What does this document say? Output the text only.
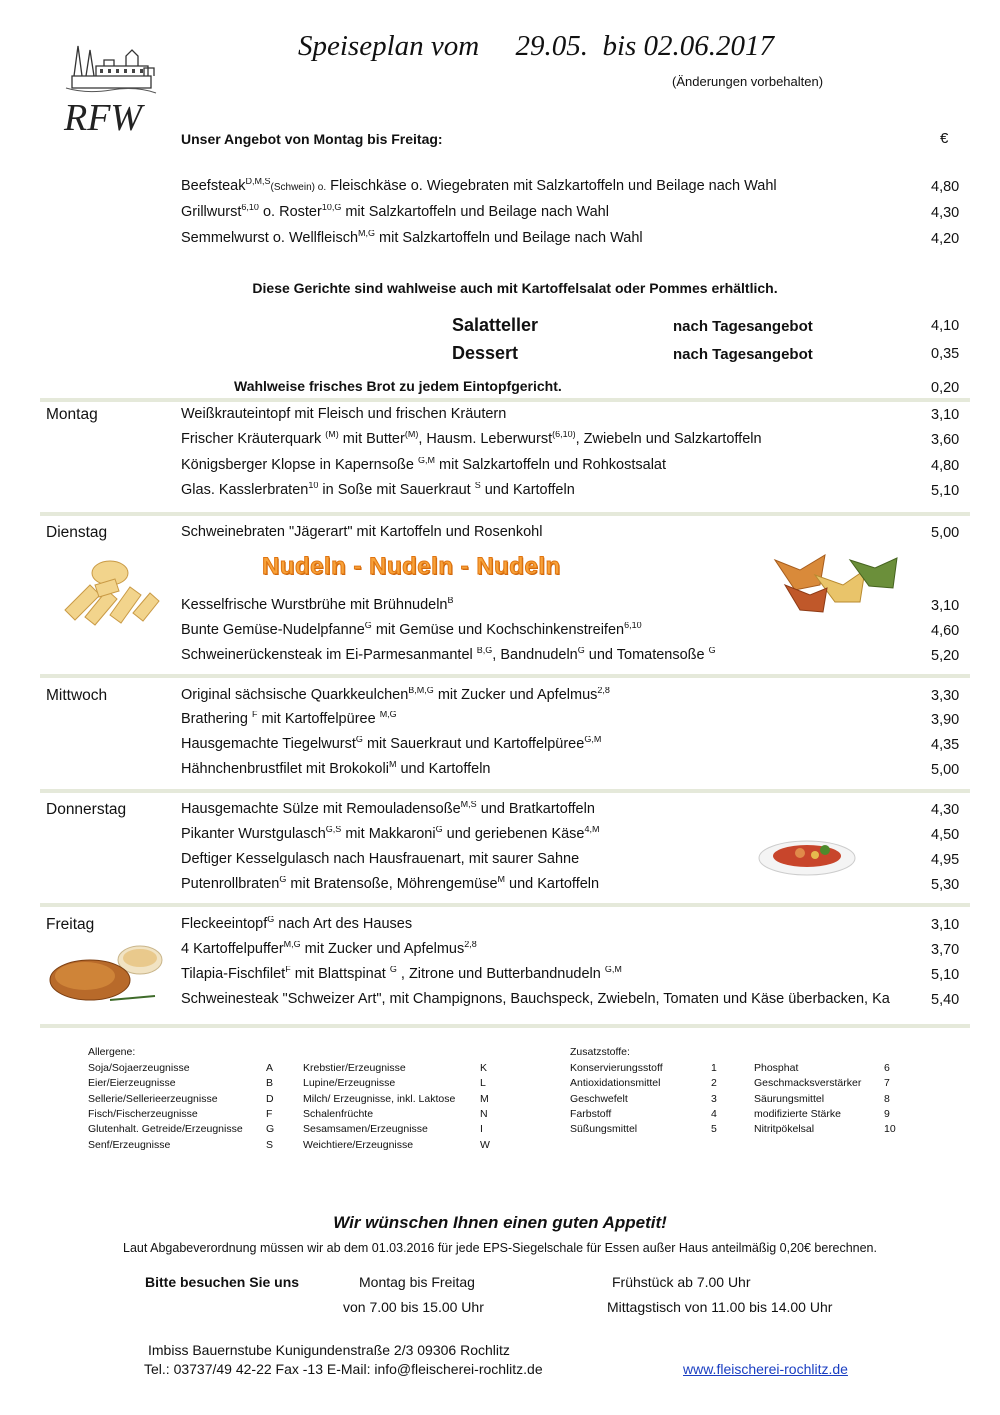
RFW
Speiseplan vom     29.05.  bis 02.06.2017
(Änderungen vorbehalten)
Unser Angebot von Montag bis Freitag:	€
Beefsteak$^{D,M,S}$(Schwein) o. Fleischkäse o. Wiegebraten mit Salzkartoffeln und Beilage nach Wahl	4,80
Grillwurst$^{6,10}$ o. Roster$^{10,G}$ mit Salzkartoffeln und Beilage nach Wahl	4,30
Semmelwurst o. Wellfleisch$^{M,G}$ mit Salzkartoffeln und Beilage nach Wahl	4,20
Diese Gerichte sind wahlweise auch mit Kartoffelsalat oder Pommes erhältlich.
Salatteller	nach Tagesangebot	4,10
Dessert	nach Tagesangebot	0,35
Wahlweise frisches Brot zu jedem Eintopfgericht.	0,20
Montag	Weißkrauteintopf mit Fleisch und frischen Kräutern	3,10
Frischer Kräuterquark $^{(M)}$ mit Butter$^{(M)}$, Hausm. Leberwurst$^{(6,10)}$, Zwiebeln und Salzkartoffeln	3,60
Königsberger Klopse in Kapernsoße $^{G,M}$ mit Salzkartoffeln und Rohkostsalat	4,80
Glas. Kasslerbraten$^{10}$ in Soße mit Sauerkraut $^S$ und Kartoffeln	5,10
Dienstag	Schweinebraten "Jägerart" mit Kartoffeln und Rosenkohl	5,00
Kesselfrische Wurstbrühe mit Brühnudeln$^B$	3,10
Bunte Gemüse-Nudelpfanne$^G$ mit Gemüse und Kochschinkenstreifen$^{6,10}$	4,60
Schweinerückensteak im Ei-Parmesanmantel $^{B,G}$, Bandnudeln$^G$ und Tomatensoße $^G$	5,20
Mittwoch	Original sächsische Quarkkeulchen$^{B,M,G}$ mit Zucker und Apfelmus$^{2,8}$	3,30
Brathering $^F$ mit Kartoffelpüree $^{M,G}$	3,90
Hausgemachte Tiegelwurst$^G$ mit Sauerkraut und Kartoffelpüree$^{G,M}$	4,35
Hähnchenbrustfilet mit Brokokoli$^M$ und Kartoffeln	5,00
Donnerstag	Hausgemachte Sülze mit Remouladensoße$^{M,S}$ und Bratkartoffeln	4,30
Pikanter Wurstgulasch$^{G,S}$ mit Makkaroni$^G$ und geriebenen Käse$^{4,M}$	4,50
Deftiger Kesselgulasch nach Hausfrauenart, mit saurer Sahne	4,95
Putenrollbraten$^G$ mit Bratensoße, Möhrengemüse$^M$ und Kartoffeln	5,30
Freitag	Fleckeeintopf$^G$ nach Art des Hauses	3,10
4 Kartoffelpuffer$^{M,G}$ mit Zucker und Apfelmus$^{2,8}$	3,70
Tilapia-Fischfilet$^F$ mit Blattspinat $^G$ , Zitrone und Butterbandnudeln $^{G,M}$	5,10
Schweinesteak "Schweizer Art", mit Champignons, Bauchspeck, Zwiebeln, Tomaten und Käse überbacken, Ka	5,40
Nudeln - Nudeln - Nudeln
Allergene:
Soja/Sojaerzeugnisse	A
Eier/Eierzeugnisse	B
Sellerie/Sellerieerzeugnisse	D
Fisch/Fischerzeugnisse	F
Glutenhalt. Getreide/Erzeugnisse G
Senf/Erzeugnisse	S
Krebstier/Erzeugnisse	K
Lupine/Erzeugnisse	L
Milch/ Erzeugnisse, inkl. Laktose M
Schalenfrüchte	N
Sesamsamen/Erzeugnisse	I
Weichtiere/Erzeugnisse	W
Zusatzstoffe:
Konservierungsstoff	1
Antioxidationsmittel	2
Geschwefelt	3
Farbstoff	4
Süßungsmittel	5
Phosphat	6
Geschmacksverstärker 7
Säurungsmittel	8
modifizierte Stärke	9
Nitritpökelsal	10
Wir wünschen Ihnen einen guten Appetit!
Laut Abgabeverordnung müssen wir ab dem 01.03.2016 für jede EPS-Siegelschale für Essen außer Haus anteilmäßig 0,20€ berechnen.
Bitte besuchen Sie uns	Montag bis Freitag
von 7.00 bis 15.00 Uhr
Frühstück ab 7.00 Uhr
Mittagstisch von 11.00 bis 14.00 Uhr
Imbiss Bauernstube Kunigundenstraße 2/3 09306 Rochlitz
Tel.: 03737/49 42-22 Fax -13 E-Mail: info@fleischerei-rochlitz.de	www.fleischerei-rochlitz.de
